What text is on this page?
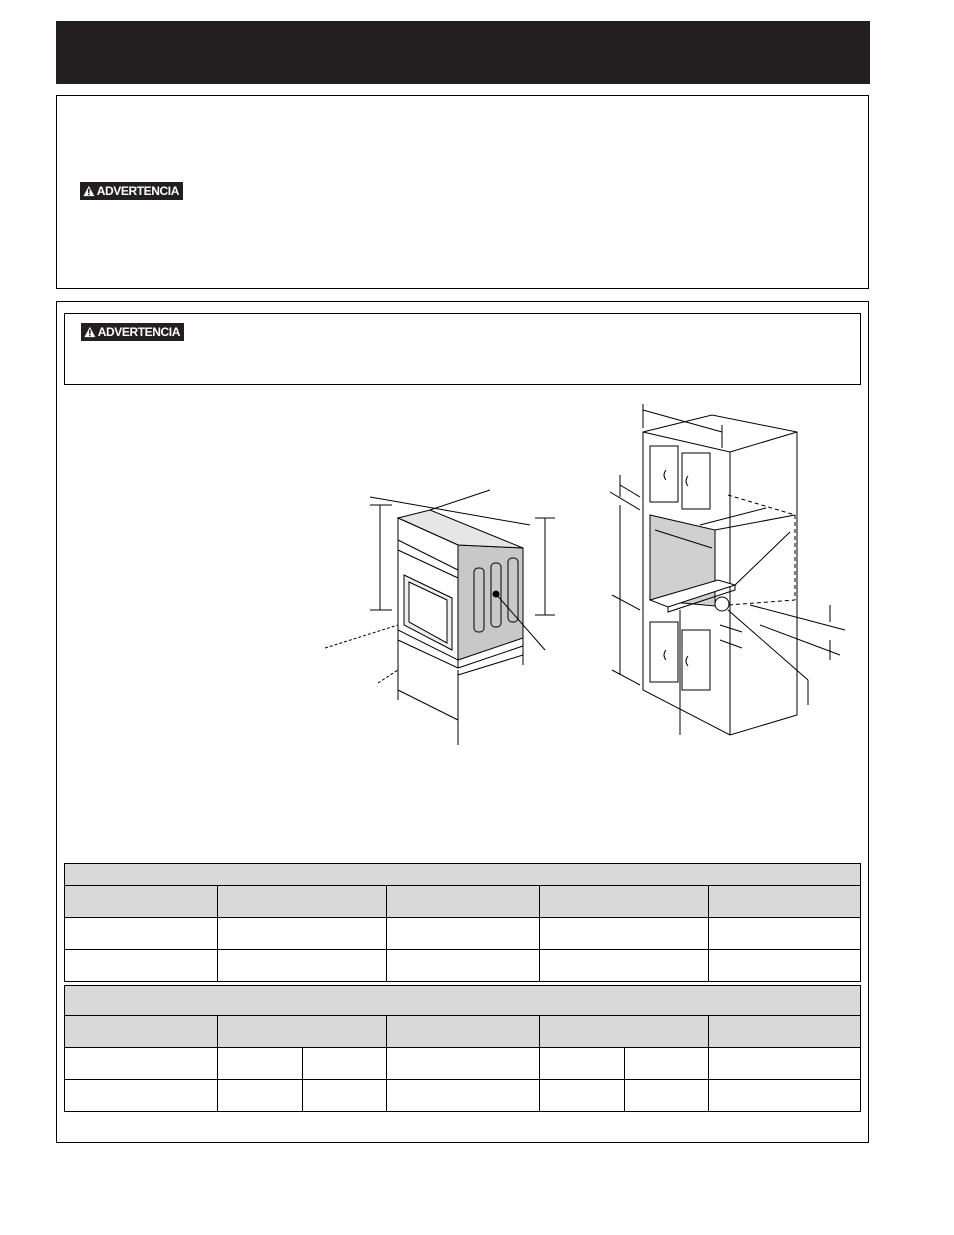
ADVERTENCIA
ADVERTENCIA
